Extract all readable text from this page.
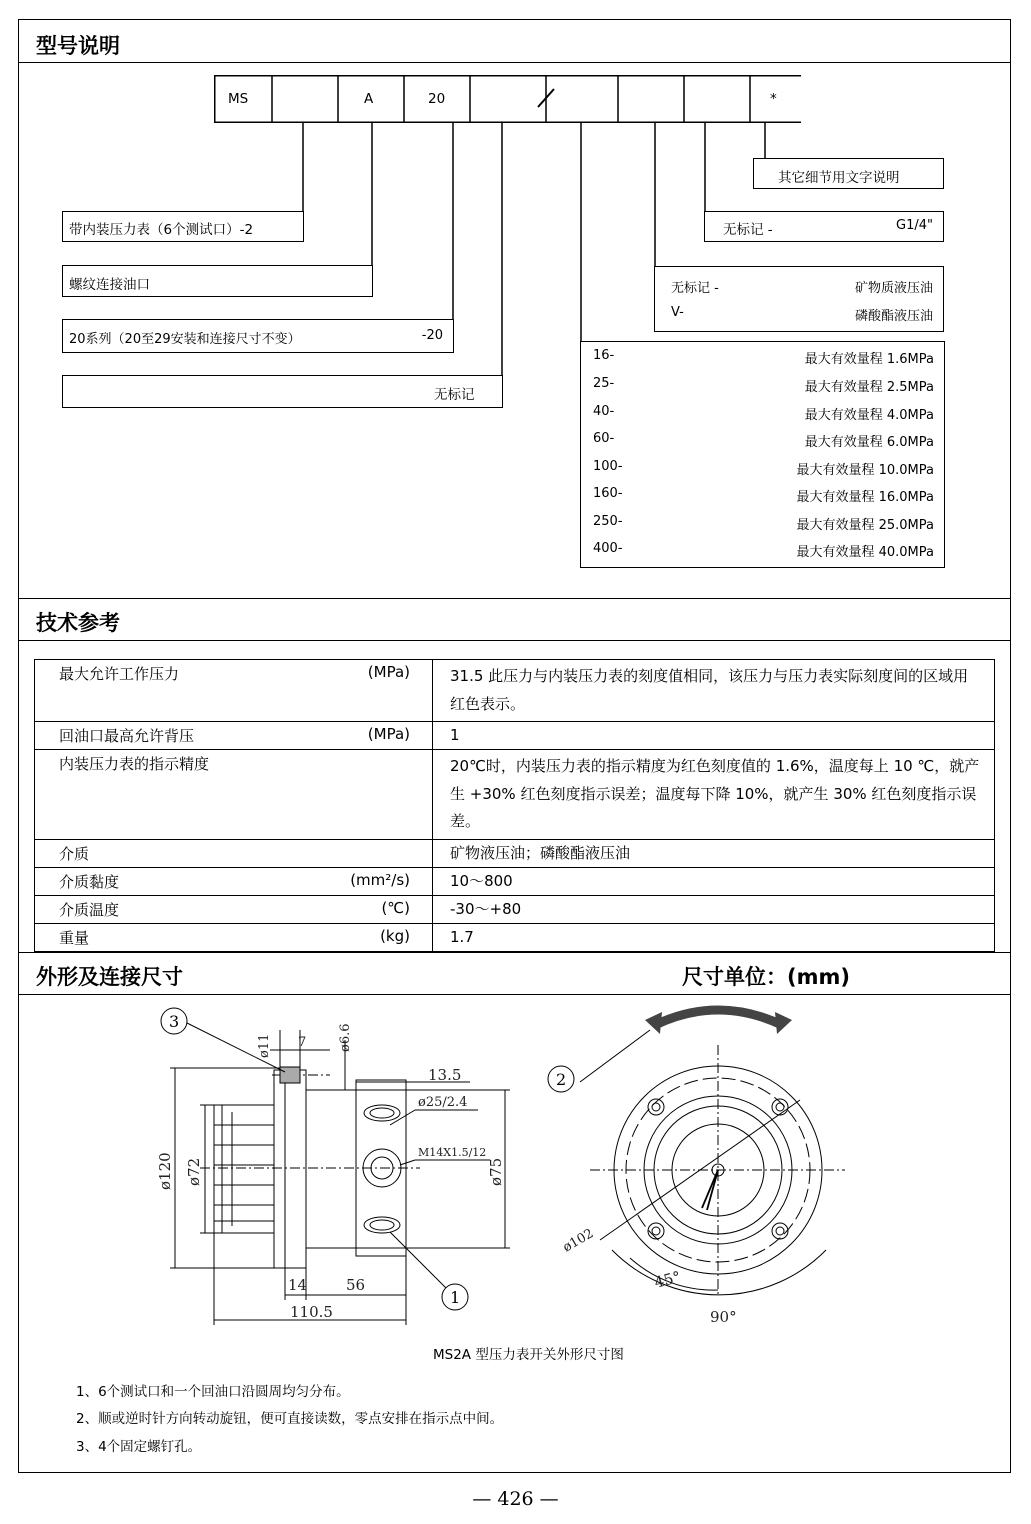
型号说明
MS	A	20	*
带内装压力表（6个测试口）-2
螺纹连接油口
20系列（20至29安装和连接尺寸不变）	-20
无标记
其它细节用文字说明
无标记 -	G1/4"
无标记 -	矿物质液压油
V-	磷酸酯液压油
16-	最大有效量程 1.6MPa
25-	最大有效量程 2.5MPa
40-	最大有效量程 4.0MPa
60-	最大有效量程 6.0MPa
100-	最大有效量程 10.0MPa
160-	最大有效量程 16.0MPa
250-	最大有效量程 25.0MPa
400-	最大有效量程 40.0MPa
技术参考
最大允许工作压力 (MPa)	31.5 此压力与内装压力表的刻度值相同，该压力与压力表实际刻度间的区域用红色表示。

回油口最高允许背压 (MPa)	1

内装压力表的指示精度	20℃时，内装压力表的指示精度为红色刻度值的 1.6%，温度每上 10 ℃，就产生 +30% 红色刻度指示误差；温度每下降 10%，就产生 30% 红色刻度指示误差。

介质	矿物液压油；磷酸酯液压油

介质黏度 (mm²/s)	10～800

介质温度 (℃)	-30～+80

重量 (kg)	1.7
外形及连接尺寸	尺寸单位：(mm)
3
2
1
ø11	ø6.6
7
13.5
ø25/2.4
M14X1.5/12
ø120 ø72	ø75
14	56
110.5
ø102
45°
90°
MS2A 型压力表开关外形尺寸图
1、6个测试口和一个回油口沿圆周均匀分布。
2、顺或逆时针方向转动旋钮，便可直接读数，零点安排在指示点中间。
3、4个固定螺钉孔。
— 426 —
